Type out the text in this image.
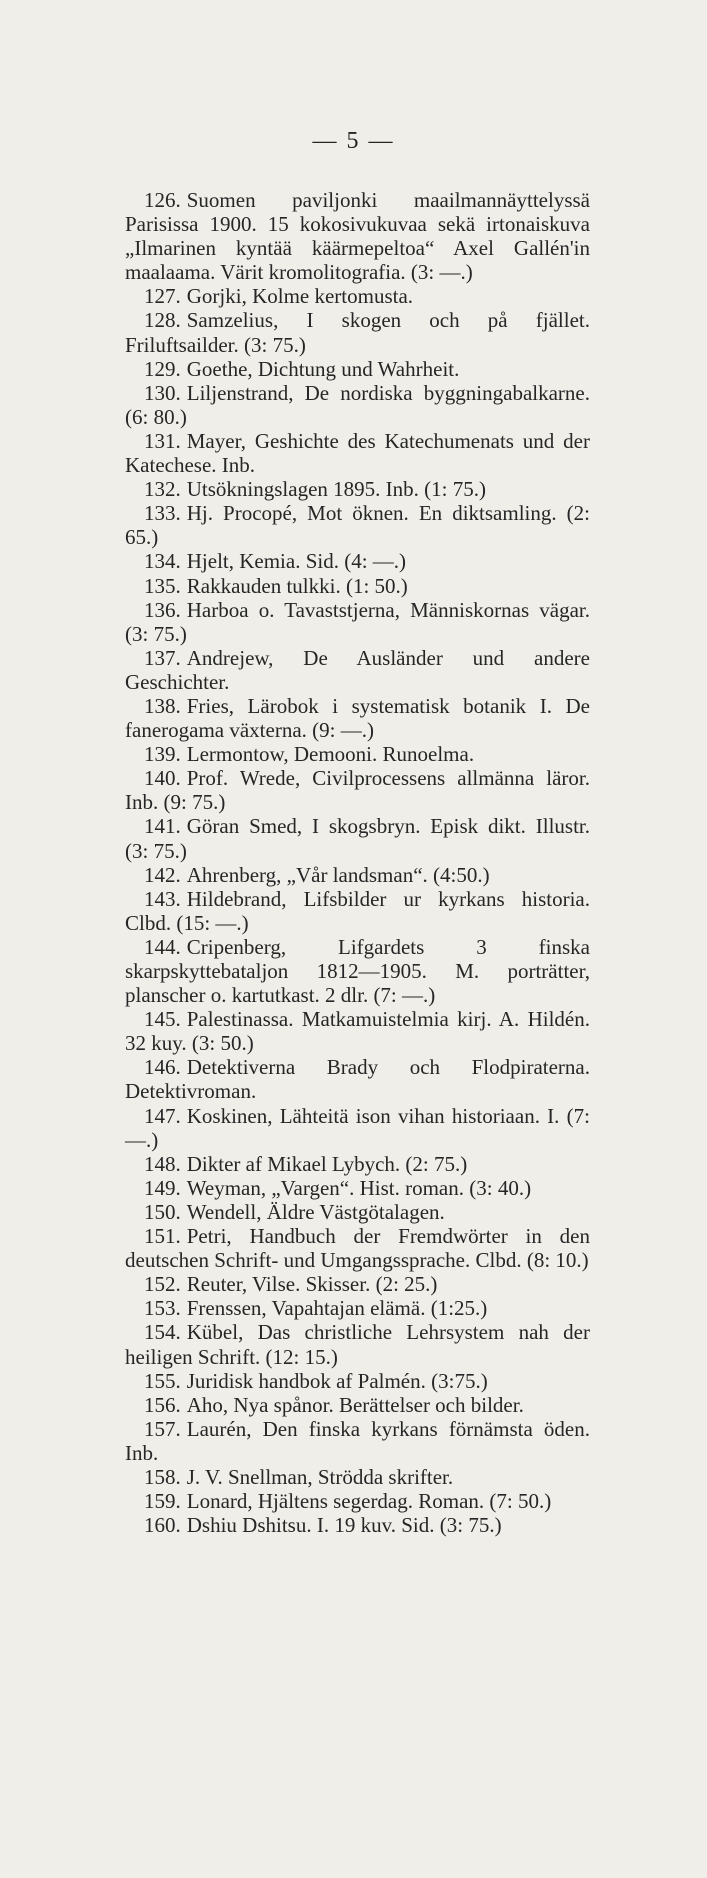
— 5 —

126. Suomen paviljonki maailmannäyttelyssä Parisissa 1900. 15 kokosivukuvaa sekä irtonaiskuva „Ilmarinen kyntää käärmepeltoa“ Axel Gallén'in maalaama. Värit kromolitografia. (3: —.)

127. Gorjki, Kolme kertomusta.

128. Samzelius, I skogen och på fjället. Friluftsailder. (3: 75.)

129. Goethe, Dichtung und Wahrheit.

130. Liljenstrand, De nordiska byggningabalkarne. (6: 80.)

131. Mayer, Geshichte des Katechumenats und der Katechese. Inb.

132. Utsökningslagen 1895. Inb. (1: 75.)

133. Hj. Procopé, Mot öknen. En diktsamling. (2: 65.)

134. Hjelt, Kemia. Sid. (4: —.)

135. Rakkauden tulkki. (1: 50.)

136. Harboa o. Tavaststjerna, Människornas vägar. (3: 75.)

137. Andrejew, De Ausländer und andere Geschichter.

138. Fries, Lärobok i systematisk botanik I. De fanerogama växterna. (9: —.)

139. Lermontow, Demooni. Runoelma.

140. Prof. Wrede, Civilprocessens allmänna läror. Inb. (9: 75.)

141. Göran Smed, I skogsbryn. Episk dikt. Illustr. (3: 75.)

142. Ahrenberg, „Vår landsman“. (4:50.)

143. Hildebrand, Lifsbilder ur kyrkans historia. Clbd. (15: —.)

144. Cripenberg, Lifgardets 3 finska skarpskyttebataljon 1812—1905. M. porträtter, planscher o. kartutkast. 2 dlr. (7: —.)

145. Palestinassa. Matkamuistelmia kirj. A. Hildén. 32 kuy. (3: 50.)

146. Detektiverna Brady och Flodpiraterna. Detektivroman.

147. Koskinen, Lähteitä ison vihan historiaan. I. (7: —.)

148. Dikter af Mikael Lybych. (2: 75.)

149. Weyman, „Vargen“. Hist. roman. (3: 40.)

150. Wendell, Äldre Västgötalagen.

151. Petri, Handbuch der Fremdwörter in den deutschen Schrift- und Umgangssprache. Clbd. (8: 10.)

152. Reuter, Vilse. Skisser. (2: 25.)

153. Frenssen, Vapahtajan elämä. (1:25.)

154. Kübel, Das christliche Lehrsystem nah der heiligen Schrift. (12: 15.)

155. Juridisk handbok af Palmén. (3:75.)

156. Aho, Nya spånor. Berättelser och bilder.

157. Laurén, Den finska kyrkans förnämsta öden. Inb.

158. J. V. Snellman, Strödda skrifter.

159. Lonard, Hjältens segerdag. Roman. (7: 50.)

160. Dshiu Dshitsu. I. 19 kuv. Sid. (3: 75.)
